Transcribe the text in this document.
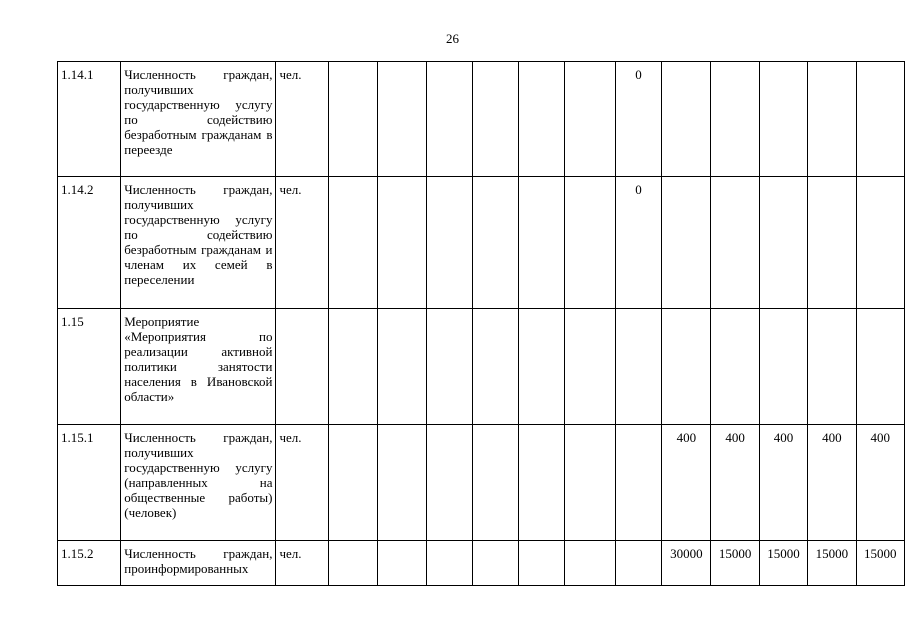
26
1.14.1	Численность граждан, получивших государственную услугу по содействию безработным гражданам в переезде	чел.							0					
1.14.2	Численность граждан, получивших государственную услугу по содействию безработным гражданам и членам их семей в переселении	чел.							0					
1.15	Мероприятие «Мероприятия по реализации активной политики занятости населения в Ивановской области»													
1.15.1	Численность граждан, получивших государственную услугу (направленных на общественные работы) (человек)	чел.								400	400	400	400	400
1.15.2	Численность граждан, проинформированных	чел.								30000	15000	15000	15000	15000
